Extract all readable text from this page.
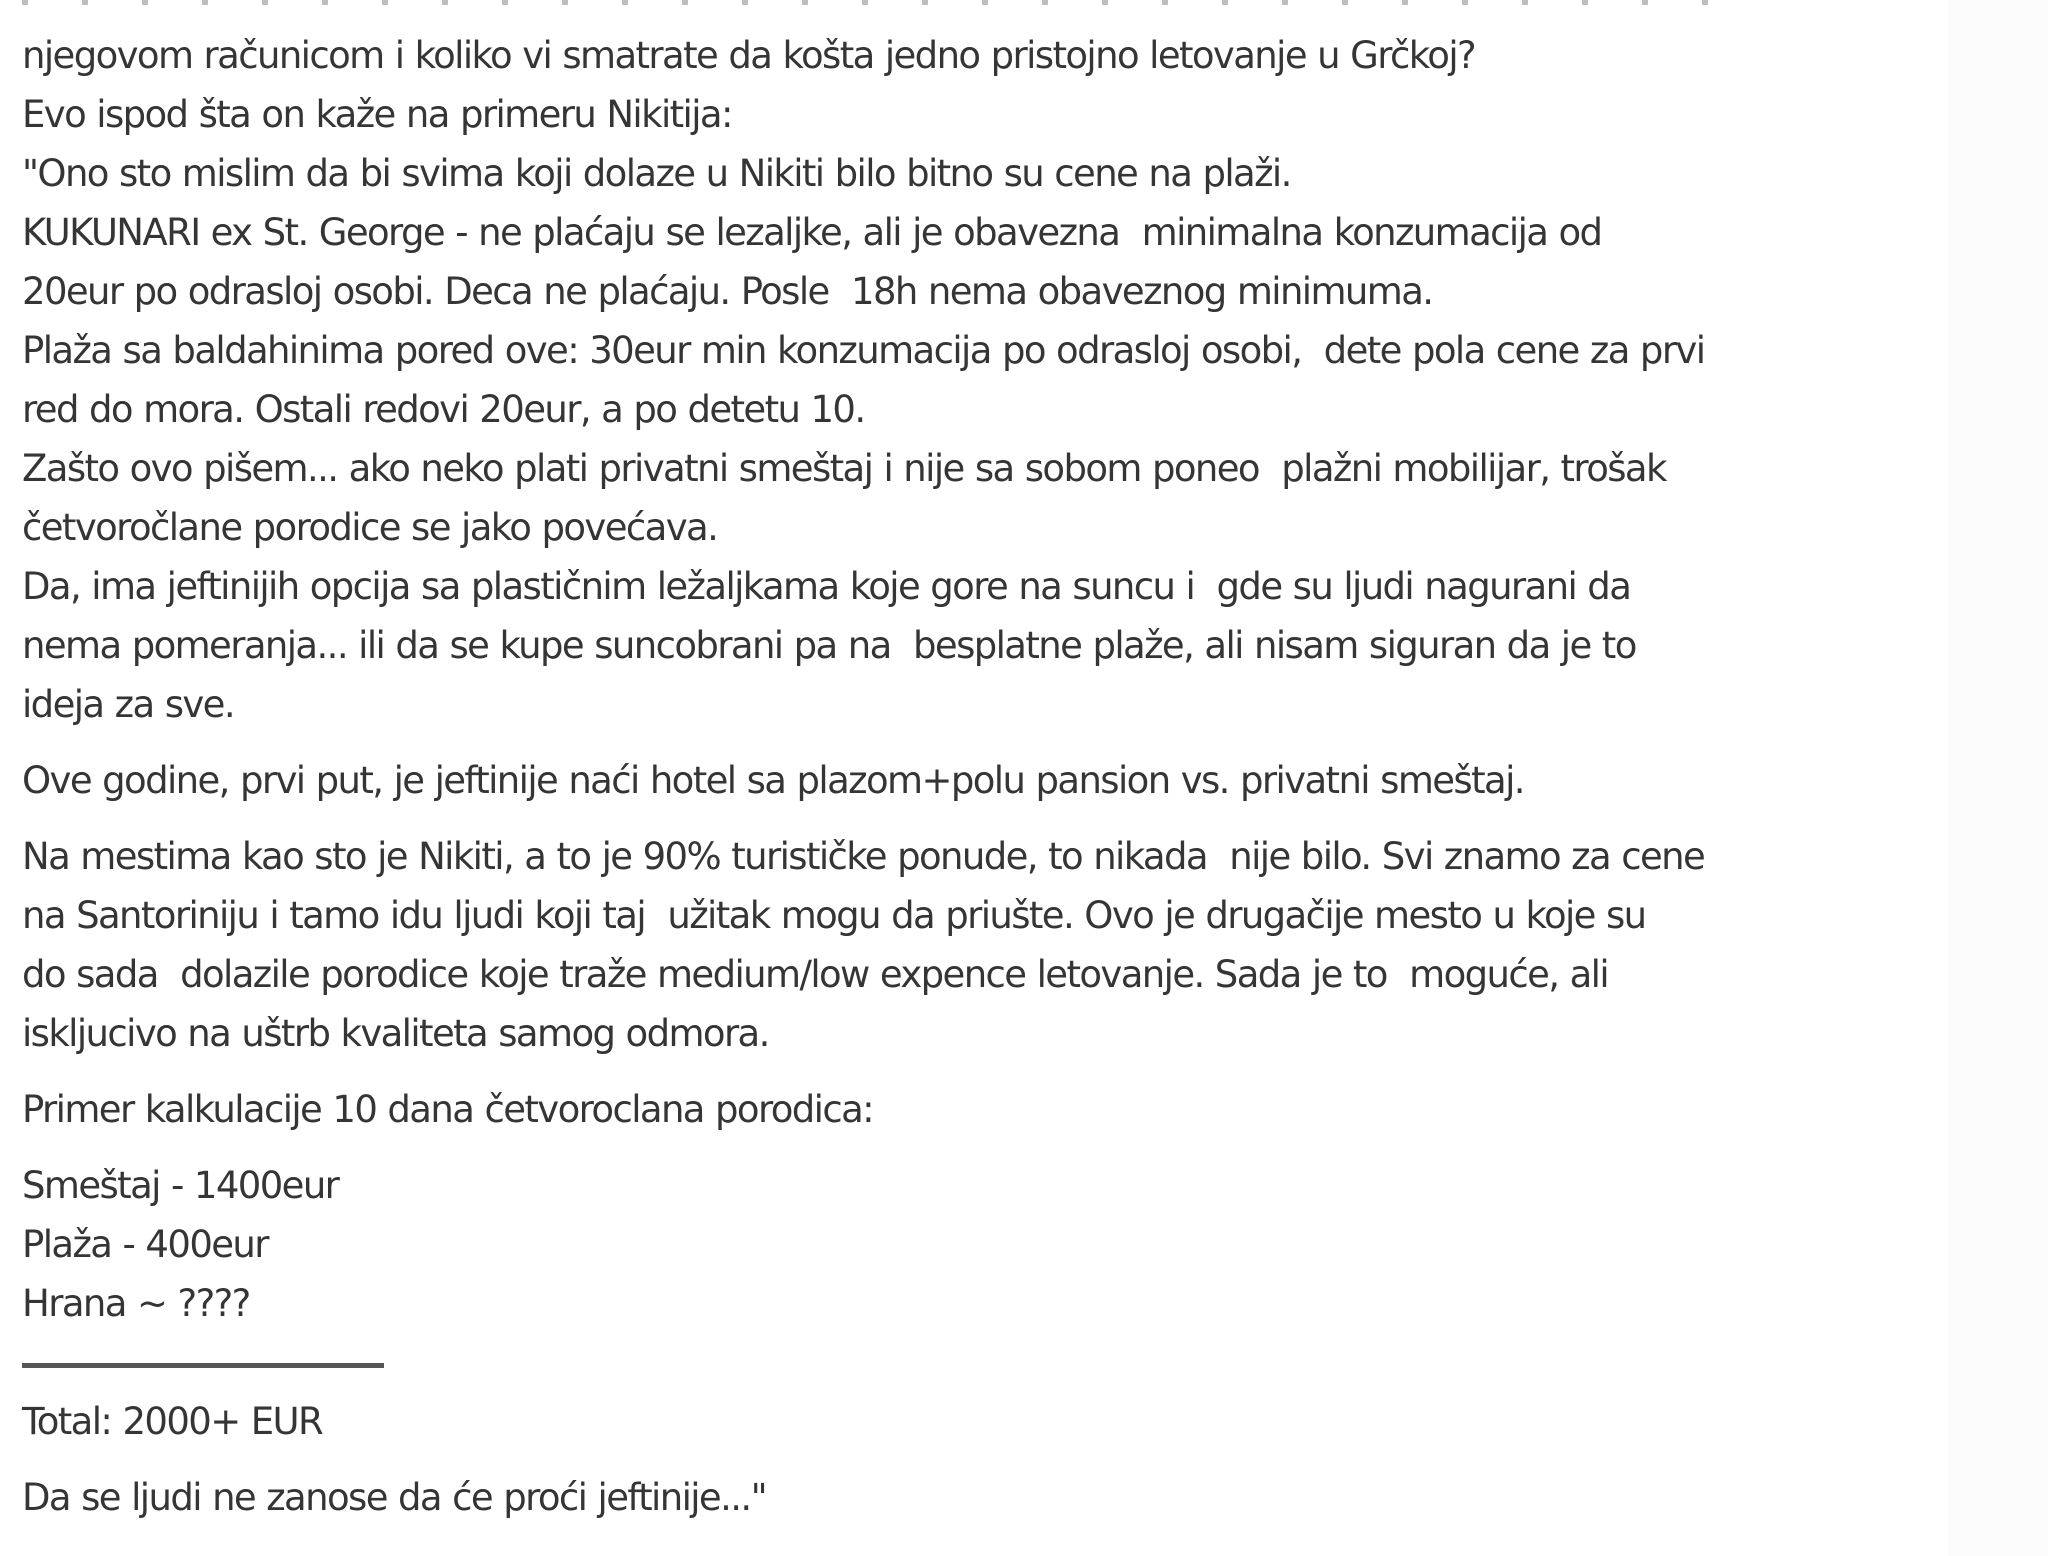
njegovom računicom i koliko vi smatrate da košta jedno pristojno letovanje u Grčkoj?
Evo ispod šta on kaže na primeru Nikitija:
"Ono sto mislim da bi svima koji dolaze u Nikiti bilo bitno su cene na plaži.
KUKUNARI ex St. George - ne plaćaju se lezaljke, ali je obavezna  minimalna konzumacija od
20eur po odrasloj osobi. Deca ne plaćaju. Posle  18h nema obaveznog minimuma.
Plaža sa baldahinima pored ove: 30eur min konzumacija po odrasloj osobi,  dete pola cene za prvi
red do mora. Ostali redovi 20eur, a po detetu 10.
Zašto ovo pišem... ako neko plati privatni smeštaj i nije sa sobom poneo  plažni mobilijar, trošak
četvoročlane porodice se jako povećava.
Da, ima jeftinijih opcija sa plastičnim ležaljkama koje gore na suncu i  gde su ljudi nagurani da
nema pomeranja... ili da se kupe suncobrani pa na  besplatne plaže, ali nisam siguran da je to
ideja za sve.
Ove godine, prvi put, je jeftinije naći hotel sa plazom+polu pansion vs. privatni smeštaj.
Na mestima kao sto je Nikiti, a to je 90% turističke ponude, to nikada  nije bilo. Svi znamo za cene
na Santoriniju i tamo idu ljudi koji taj  užitak mogu da priušte. Ovo je drugačije mesto u koje su
do sada  dolazile porodice koje traže medium/low expence letovanje. Sada je to  moguće, ali
iskljucivo na uštrb kvaliteta samog odmora.
Primer kalkulacije 10 dana četvoroclana porodica:
Smeštaj - 1400eur
Plaža - 400eur
Hrana ~ ????
Total: 2000+ EUR
Da se ljudi ne zanose da će proći jeftinije..."
